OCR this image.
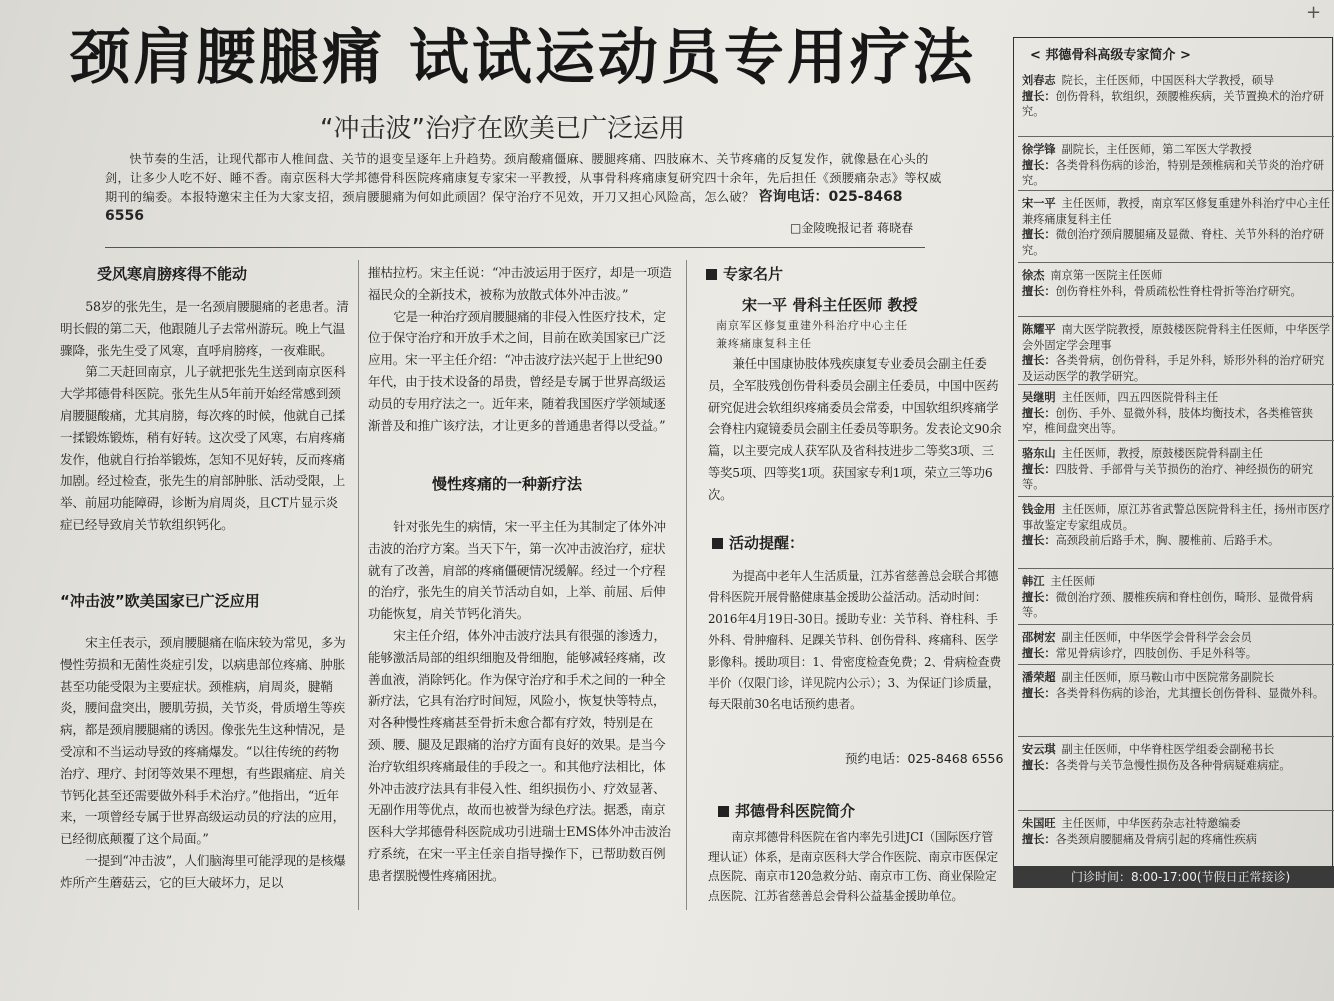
+
颈肩腰腿痛 试试运动员专用疗法
“冲击波”治疗在欧美已广泛运用
快节奏的生活，让现代都市人椎间盘、关节的退变呈逐年上升趋势。颈肩酸痛僵麻、腰腿疼痛、四肢麻木、关节疼痛的反复发作，就像悬在心头的剑，让多少人吃不好、睡不香。南京医科大学邦德骨科医院疼痛康复专家宋一平教授，从事骨科疼痛康复研究四十余年，先后担任《颈腰痛杂志》等权威期刊的编委。本报特邀宋主任为大家支招，颈肩腰腿痛为何如此顽固？保守治疗不见效，开刀又担心风险高，怎么破？ 咨询电话：025-8468 6556
□金陵晚报记者 蒋晓春
受风寒肩膀疼得不能动

58岁的张先生，是一名颈肩腰腿痛的老患者。清明长假的第二天，他跟随儿子去常州游玩。晚上气温骤降，张先生受了风寒，直呼肩膀疼，一夜难眠。

第二天赶回南京，儿子就把张先生送到南京医科大学邦德骨科医院。张先生从5年前开始经常感到颈肩腰腿酸痛，尤其肩膀，每次疼的时候，他就自己揉一揉锻炼锻炼，稍有好转。这次受了风寒，右肩疼痛发作，他就自行抬举锻炼，怎知不见好转，反而疼痛加剧。经过检查，张先生的肩部肿胀、活动受限，上举、前屈功能障碍，诊断为肩周炎，且CT片显示炎症已经导致肩关节软组织钙化。

“冲击波”欧美国家已广泛应用

宋主任表示，颈肩腰腿痛在临床较为常见，多为慢性劳损和无菌性炎症引发，以病患部位疼痛、肿胀甚至功能受限为主要症状。颈椎病，肩周炎，腱鞘炎，腰间盘突出，腰肌劳损，关节炎，骨质增生等疾病，都是颈肩腰腿痛的诱因。像张先生这种情况，是受凉和不当运动导致的疼痛爆发。“以往传统的药物治疗、理疗、封闭等效果不理想，有些跟痛症、肩关节钙化甚至还需要做外科手术治疗。”他指出，“近年来，一项曾经专属于世界高级运动员的疗法的应用，已经彻底颠覆了这个局面。”

一提到“冲击波”，人们脑海里可能浮现的是核爆炸所产生蘑菇云，它的巨大破坏力，足以

摧枯拉朽。宋主任说：“冲击波运用于医疗，却是一项造福民众的全新技术，被称为放散式体外冲击波。”

它是一种治疗颈肩腰腿痛的非侵入性医疗技术，定位于保守治疗和开放手术之间，目前在欧美国家已广泛应用。宋一平主任介绍：“冲击波疗法兴起于上世纪90年代，由于技术设备的昂贵，曾经是专属于世界高级运动员的专用疗法之一。近年来，随着我国医疗学领域逐渐普及和推广该疗法，才让更多的普通患者得以受益。”

慢性疼痛的一种新疗法

针对张先生的病情，宋一平主任为其制定了体外冲击波的治疗方案。当天下午，第一次冲击波治疗，症状就有了改善，肩部的疼痛僵硬情况缓解。经过一个疗程的治疗，张先生的肩关节活动自如，上举、前屈、后伸功能恢复，肩关节钙化消失。

宋主任介绍，体外冲击波疗法具有很强的渗透力，能够激活局部的组织细胞及骨细胞，能够减轻疼痛，改善血液，消除钙化。作为保守治疗和手术之间的一种全新疗法，它具有治疗时间短，风险小，恢复快等特点，对各种慢性疼痛甚至骨折未愈合都有疗效，特别是在颈、腰、腿及足跟痛的治疗方面有良好的效果。是当今治疗软组织疼痛最佳的手段之一。和其他疗法相比，体外冲击波疗法具有非侵入性、组织损伤小、疗效显著、无副作用等优点，故而也被誉为绿色疗法。据悉，南京医科大学邦德骨科医院成功引进瑞士EMS体外冲击波治疗系统，在宋一平主任亲自指导操作下，已帮助数百例患者摆脱慢性疼痛困扰。

专家名片
宋一平 骨科主任医师 教授
南京军区修复重建外科治疗中心主任
兼疼痛康复科主任

兼任中国康协肢体残疾康复专业委员会副主任委员，全军肢残创伤骨科委员会副主任委员，中国中医药研究促进会软组织疼痛委员会常委，中国软组织疼痛学会脊柱内窥镜委员会副主任委员等职务。发表论文90余篇，以主要完成人获军队及省科技进步二等奖3项、三等奖5项、四等奖1项。获国家专利1项，荣立三等功6次。

活动提醒：

为提高中老年人生活质量，江苏省慈善总会联合邦德骨科医院开展骨骼健康基金援助公益活动。活动时间：2016年4月19日-30日。援助专业：关节科、脊柱科、手外科、骨肿瘤科、足踝关节科、创伤骨科、疼痛科、医学影像科。援助项目：1、骨密度检查免费；2、骨病检查费半价（仅限门诊，详见院内公示）；3、为保证门诊质量，每天限前30名电话预约患者。

预约电话：025-8468 6556
邦德骨科医院简介

南京邦德骨科医院在省内率先引进JCI（国际医疗管理认证）体系，是南京医科大学合作医院、南京市医保定点医院、南京市120急救分站、南京市工伤、商业保险定点医院、江苏省慈善总会骨科公益基金援助单位。

< 邦德骨科高级专家简介 >
刘春志 院长，主任医师，中国医科大学教授，硕导
擅长：创伤骨科，软组织，颈腰椎疾病，关节置换术的治疗研究。
徐学锋 副院长，主任医师，第二军医大学教授
擅长：各类骨科伤病的诊治，特别是颈椎病和关节炎的治疗研究。
宋一平 主任医师，教授，南京军区修复重建外科治疗中心主任兼疼痛康复科主任
擅长：微创治疗颈肩腰腿痛及显微、脊柱、关节外科的治疗研究。
徐杰 南京第一医院主任医师
擅长：创伤脊柱外科，骨质疏松性脊柱骨折等治疗研究。
陈耀平 南大医学院教授，原鼓楼医院骨科主任医师，中华医学会外固定学会理事
擅长：各类骨病，创伤骨科，手足外科，矫形外科的治疗研究及运动医学的教学研究。
吴继明 主任医师，四五四医院骨科主任
擅长：创伤、手外、显微外科，肢体均衡技术，各类椎管狭窄，椎间盘突出等。
骆东山 主任医师，教授，原鼓楼医院骨科副主任
擅长：四肢骨、手部骨与关节损伤的治疗、神经损伤的研究等。
钱金用 主任医师，原江苏省武警总医院骨科主任，扬州市医疗事故鉴定专家组成员。
擅长：高颈段前后路手术，胸、腰椎前、后路手术。
韩江 主任医师
擅长：微创治疗颈、腰椎疾病和脊柱创伤，畸形、显微骨病等。
邵树宏 副主任医师，中华医学会骨科学会会员
擅长：常见骨病诊疗，四肢创伤、手足外科等。
潘荣超 副主任医师，原马鞍山市中医院常务副院长
擅长：各类骨科伤病的诊治，尤其擅长创伤骨科、显微外科。
安云琪 副主任医师，中华脊柱医学组委会副秘书长
擅长：各类骨与关节急慢性损伤及各种骨病疑难病症。
朱国旺 主任医师，中华医药杂志社特邀编委
擅长：各类颈肩腰腿痛及骨病引起的疼痛性疾病
门诊时间：8:00-17:00(节假日正常接诊)
